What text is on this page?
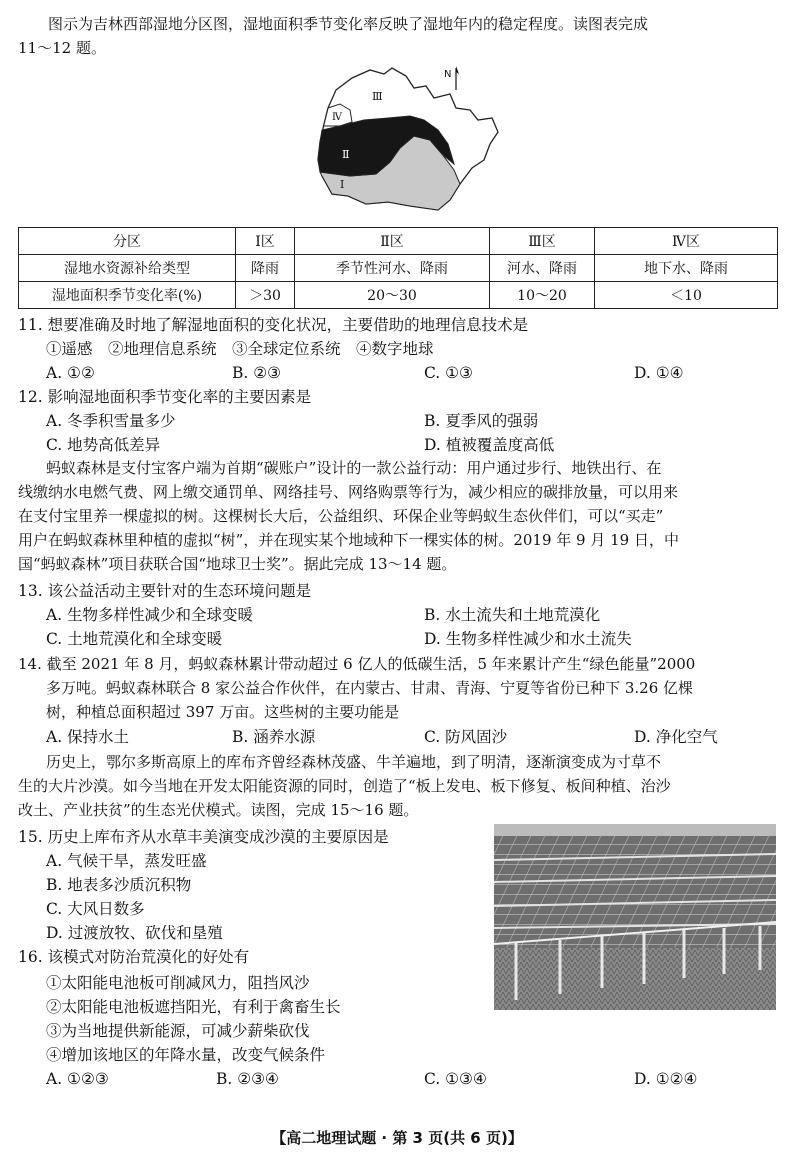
图示为吉林西部湿地分区图，湿地面积季节变化率反映了湿地年内的稳定程度。读图表完成
11～12 题。
Ⅲ
Ⅳ
Ⅱ
Ⅰ
N
分区	Ⅰ区	Ⅱ区	Ⅲ区	Ⅳ区
湿地水资源补给类型	降雨	季节性河水、降雨	河水、降雨	地下水、降雨
湿地面积季节变化率(%)	＞30	20～30	10～20	＜10
11. 想要准确及时地了解湿地面积的变化状况，主要借助的地理信息技术是
①遥感　②地理信息系统　③全球定位系统　④数字地球
A. ①②	B. ②③	C. ①③	D. ①④
12. 影响湿地面积季节变化率的主要因素是
A. 冬季积雪量多少	B. 夏季风的强弱
C. 地势高低差异	D. 植被覆盖度高低
蚂蚁森林是支付宝客户端为首期“碳账户”设计的一款公益行动：用户通过步行、地铁出行、在
线缴纳水电燃气费、网上缴交通罚单、网络挂号、网络购票等行为，减少相应的碳排放量，可以用来
在支付宝里养一棵虚拟的树。这棵树长大后，公益组织、环保企业等蚂蚁生态伙伴们，可以“买走”
用户在蚂蚁森林里种植的虚拟“树”，并在现实某个地域种下一棵实体的树。2019 年 9 月 19 日，中
国“蚂蚁森林”项目获联合国“地球卫士奖”。据此完成 13～14 题。
13. 该公益活动主要针对的生态环境问题是
A. 生物多样性减少和全球变暖	B. 水土流失和土地荒漠化
C. 土地荒漠化和全球变暖	D. 生物多样性减少和水土流失
14. 截至 2021 年 8 月，蚂蚁森林累计带动超过 6 亿人的低碳生活，5 年来累计产生“绿色能量”2000
多万吨。蚂蚁森林联合 8 家公益合作伙伴，在内蒙古、甘肃、青海、宁夏等省份已种下 3.26 亿棵
树，种植总面积超过 397 万亩。这些树的主要功能是
A. 保持水土	B. 涵养水源	C. 防风固沙	D. 净化空气
历史上，鄂尔多斯高原上的库布齐曾经森林茂盛、牛羊遍地，到了明清，逐渐演变成为寸草不
生的大片沙漠。如今当地在开发太阳能资源的同时，创造了“板上发电、板下修复、板间种植、治沙
改土、产业扶贫”的生态光伏模式。读图，完成 15～16 题。
15. 历史上库布齐从水草丰美演变成沙漠的主要原因是
A. 气候干旱，蒸发旺盛
B. 地表多沙质沉积物
C. 大风日数多
D. 过渡放牧、砍伐和垦殖
16. 该模式对防治荒漠化的好处有
①太阳能电池板可削减风力，阻挡风沙
②太阳能电池板遮挡阳光，有利于禽畜生长
③为当地提供新能源，可减少薪柴砍伐
④增加该地区的年降水量，改变气候条件
A. ①②③	B. ②③④	C. ①③④	D. ①②④
【高二地理试题 · 第 3 页(共 6 页)】
